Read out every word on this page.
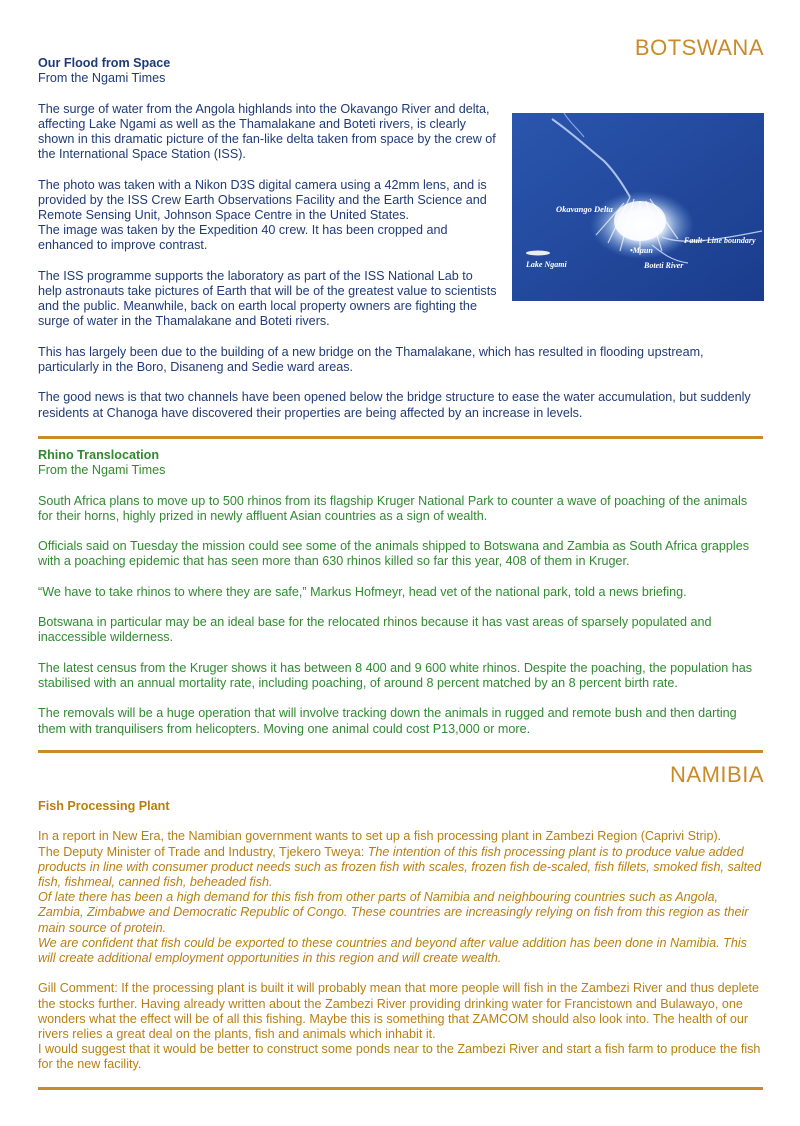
BOTSWANA
Our Flood from Space
From the Ngami Times
Okavango Delta
Fault- Line boundary
•Maun
Lake Ngami	Boteti River

The surge of water from the Angola highlands into the Okavango River and delta, affecting Lake Ngami as well as the Thamalakane and Boteti rivers, is clearly shown in this dramatic picture of the fan-like delta taken from space by the crew of the International Space Station (ISS).

The photo was taken with a Nikon D3S digital camera using a 42mm lens, and is provided by the ISS Crew Earth Observations Facility and the Earth Science and Remote Sensing Unit, Johnson Space Centre in the United States.

The image was taken by the Expedition 40 crew. It has been cropped and enhanced to improve contrast.

The ISS programme supports the laboratory as part of the ISS National Lab to help astronauts take pictures of Earth that will be of the greatest value to scientists and the public. Meanwhile, back on earth local property owners are fighting the surge of water in the Thamalakane and Boteti rivers.

This has largely been due to the building of a new bridge on the Thamalakane, which has resulted in flooding upstream, particularly in the Boro, Disaneng and Sedie ward areas.

The good news is that two channels have been opened below the bridge structure to ease the water accumulation, but suddenly residents at Chanoga have discovered their properties are being affected by an increase in levels.

Rhino Translocation
From the Ngami Times

South Africa plans to move up to 500 rhinos from its flagship Kruger National Park to counter a wave of poaching of the animals for their horns, highly prized in newly affluent Asian countries as a sign of wealth.

Officials said on Tuesday the mission could see some of the animals shipped to Botswana and Zambia as South Africa grapples with a poaching epidemic that has seen more than 630 rhinos killed so far this year, 408 of them in Kruger.

“We have to take rhinos to where they are safe,” Markus Hofmeyr, head vet of the national park, told a news briefing.

Botswana in particular may be an ideal base for the relocated rhinos because it has vast areas of sparsely populated and inaccessible wilderness.

The latest census from the Kruger shows it has between 8 400 and 9 600 white rhinos. Despite the poaching, the population has stabilised with an annual mortality rate, including poaching, of around 8 percent matched by an 8 percent birth rate.

The removals will be a huge operation that will involve tracking down the animals in rugged and remote bush and then darting them with tranquilisers from helicopters. Moving one animal could cost P13,000 or more.

NAMIBIA
Fish Processing Plant

In a report in New Era, the Namibian government wants to set up a fish processing plant in Zambezi Region (Caprivi Strip).

The Deputy Minister of Trade and Industry, Tjekero Tweya: The intention of this fish processing plant is to produce value added products in line with consumer product needs such as frozen fish with scales, frozen fish de-scaled, fish fillets, smoked fish, salted fish, fishmeal, canned fish, beheaded fish.

Of late there has been a high demand for this fish from other parts of Namibia and neighbouring countries such as Angola, Zambia, Zimbabwe and Democratic Republic of Congo. These countries are increasingly relying on fish from this region as their main source of protein.

We are confident that fish could be exported to these countries and beyond after value addition has been done in Namibia. This will create additional employment opportunities in this region and will create wealth.

Gill Comment: If the processing plant is built it will probably mean that more people will fish in the Zambezi River and thus deplete the stocks further. Having already written about the Zambezi River providing drinking water for Francistown and Bulawayo, one wonders what the effect will be of all this fishing. Maybe this is something that ZAMCOM should also look into. The health of our rivers relies a great deal on the plants, fish and animals which inhabit it.

I would suggest that it would be better to construct some ponds near to the Zambezi River and start a fish farm to produce the fish for the new facility.
